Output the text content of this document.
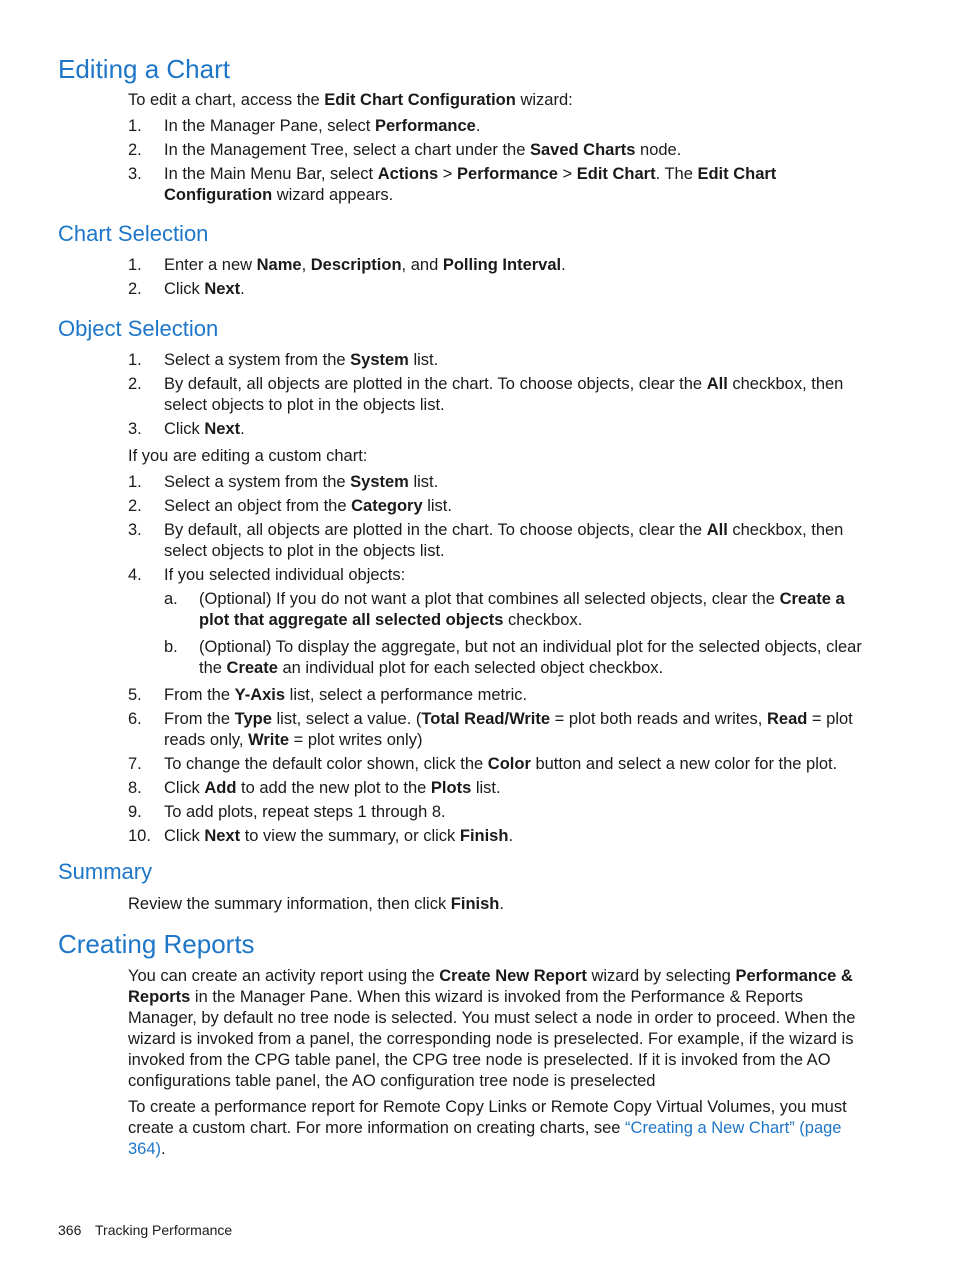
Editing a Chart

To edit a chart, access the Edit Chart Configuration wizard:

1. In the Manager Pane, select Performance.
2. In the Management Tree, select a chart under the Saved Charts node.
3. In the Main Menu Bar, select Actions > Performance > Edit Chart. The Edit Chart Configuration wizard appears.
Chart Selection
1. Enter a new Name, Description, and Polling Interval.
2. Click Next.
Object Selection
1. Select a system from the System list.
2. By default, all objects are plotted in the chart. To choose objects, clear the All checkbox, then select objects to plot in the objects list.
3. Click Next.

If you are editing a custom chart:

1. Select a system from the System list.
2. Select an object from the Category list.
3. By default, all objects are plotted in the chart. To choose objects, clear the All checkbox, then select objects to plot in the objects list.
4. If you selected individual objects:
a. (Optional) If you do not want a plot that combines all selected objects, clear the Create a plot that aggregate all selected objects checkbox.
b. (Optional) To display the aggregate, but not an individual plot for the selected objects, clear the Create an individual plot for each selected object checkbox.
5. From the Y-Axis list, select a performance metric.
6. From the Type list, select a value. (Total Read/Write = plot both reads and writes, Read = plot reads only, Write = plot writes only)
7. To change the default color shown, click the Color button and select a new color for the plot.
8. Click Add to add the new plot to the Plots list.
9. To add plots, repeat steps 1 through 8.
10. Click Next to view the summary, or click Finish.
Summary

Review the summary information, then click Finish.

Creating Reports

You can create an activity report using the Create New Report wizard by selecting Performance & Reports in the Manager Pane. When this wizard is invoked from the Performance & Reports Manager, by default no tree node is selected. You must select a node in order to proceed. When the wizard is invoked from a panel, the corresponding node is preselected. For example, if the wizard is invoked from the CPG table panel, the CPG tree node is preselected. If it is invoked from the AO configurations table panel, the AO configuration tree node is preselected

To create a performance report for Remote Copy Links or Remote Copy Virtual Volumes, you must create a custom chart. For more information on creating charts, see “Creating a New Chart” (page 364).

366 Tracking Performance
